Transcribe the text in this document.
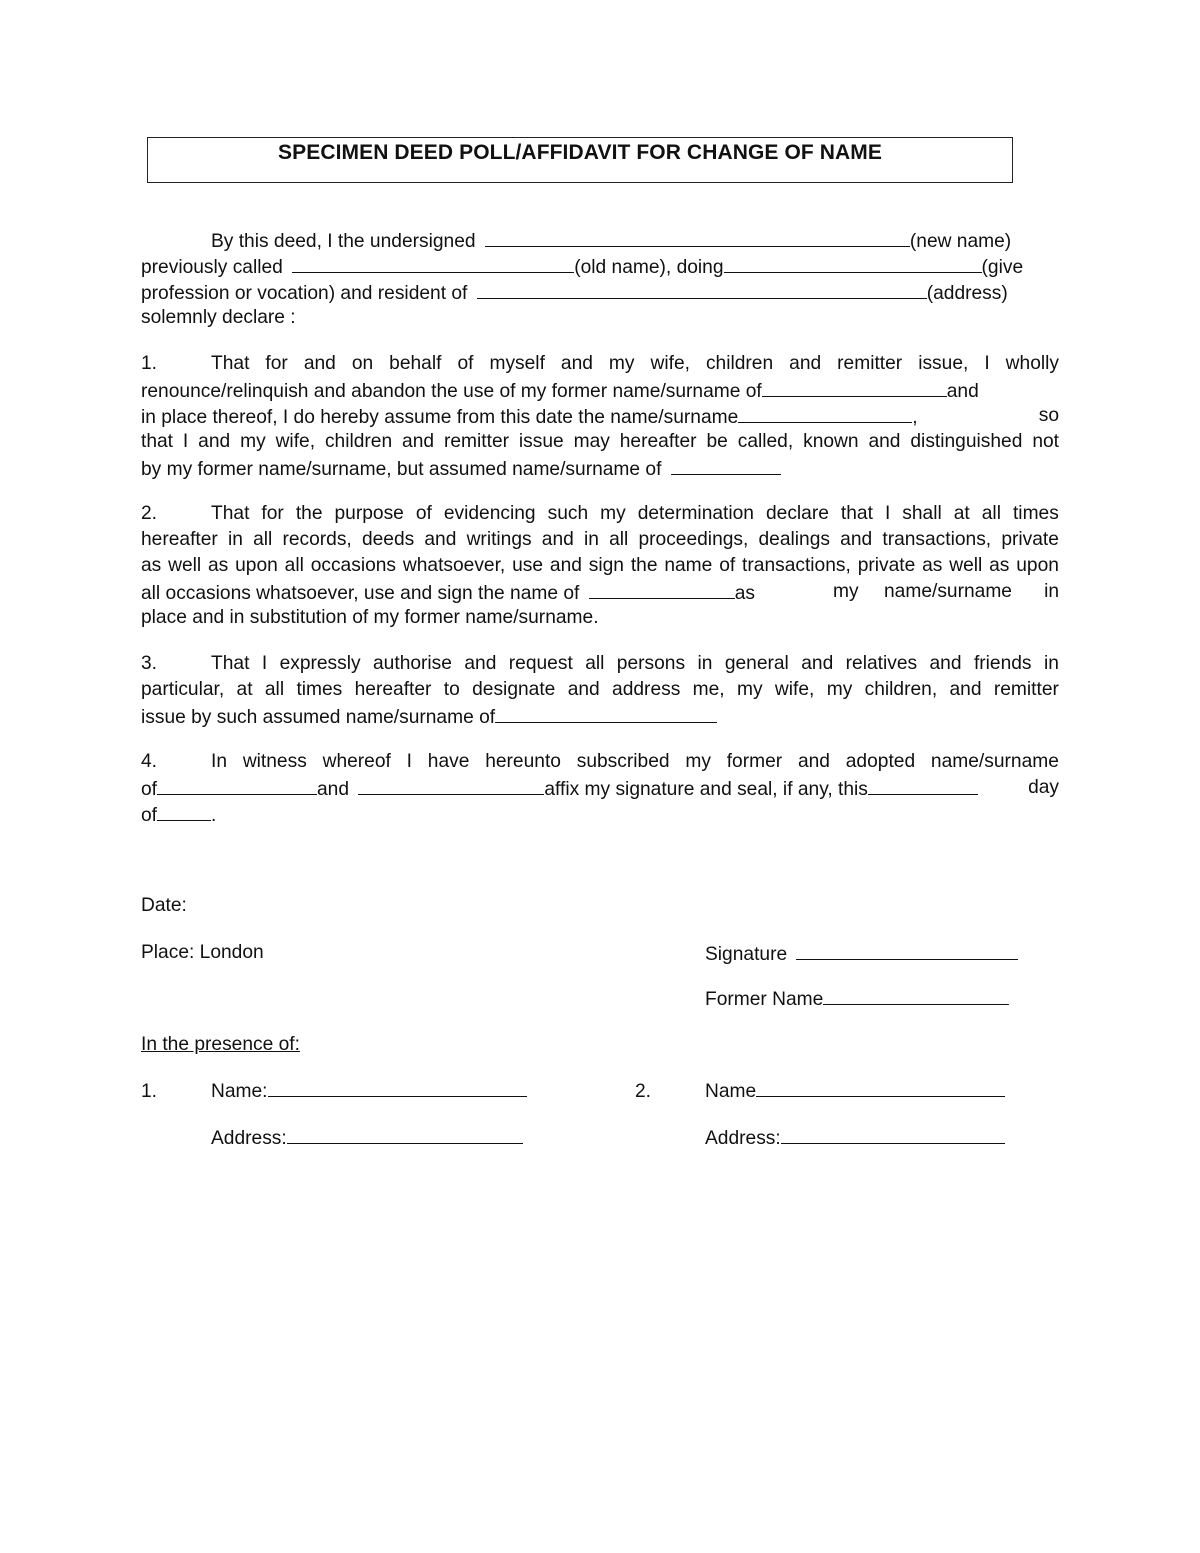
SPECIMEN DEED POLL/AFFIDAVIT FOR CHANGE OF NAME
By this deed, I the undersigned	(new name)
previously called	(old name), doing	(give
profession or vocation) and resident of	(address)
solemnly declare :
1.	That for and on behalf of myself and my wife, children and remitter issue, I wholly
renounce/relinquish and abandon the use of my former name/surname of	and
in place thereof, I do hereby assume from this date the name/surname	,	so
that I and my wife, children and remitter issue may hereafter be called, known and distinguished not
by my former name/surname, but assumed name/surname of
2.	That for the purpose of evidencing such my determination declare that I shall at all times
hereafter in all records, deeds and writings and in all proceedings, dealings and transactions, private
as well as upon all occasions whatsoever, use and sign the name of transactions, private as well as upon
all occasions whatsoever, use and sign the name of	as	my name/surname in
place and in substitution of my former name/surname.
3.	That I expressly authorise and request all persons in general and relatives and friends in
particular, at all times hereafter to designate and address me, my wife, my children, and remitter
issue by such assumed name/surname of
4.	In witness whereof I have hereunto subscribed my former and adopted name/surname
of	and	affix my signature and seal, if any, this	day
of	.
Date:
Place: London	Signature
Former Name
In the presence of:
1.	Name:
Address:
2.	Name
Address:
